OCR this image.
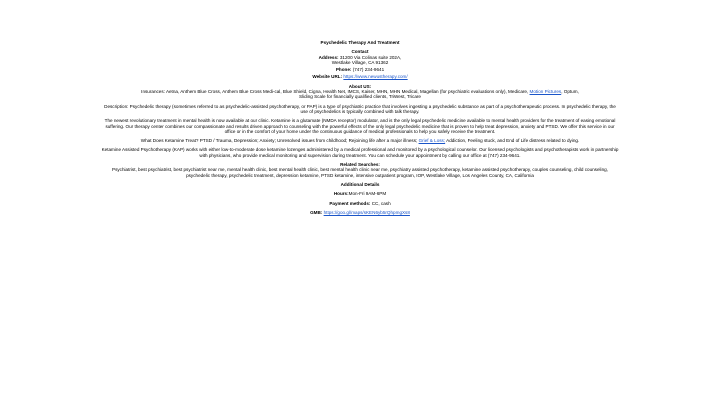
Psychedelic Therapy And Treatment

Contact

Address: 31200 Via Colinas suite 202A,

Westlake Village, CA 91362

Phone: (747) 234-9641

Website URL: https://www.newustherapy.com/

About US:

Insurances: Aetna, Anthem Blue Cross, Anthem Blue Cross Medi-cal, Blue Shield, Cigna, Health Net, IMCS, Kaiser, MHN, MHN Medical, Magellan (for psychiatric evaluations only), Medicare, Motion Pictures, Optum,

Sliding Scale for financially qualified clients, TriWest, Tricare

Description: Psychedelic therapy (sometimes referred to as psychedelic-assisted psychotherapy, or PAP) is a type of psychiatric practice that involves ingesting a psychedelic substance as part of a psychotherapeutic process. In psychedelic therapy, the use of psychedelics is typically combined with talk therapy.

The newest revolutionary treatment in mental health is now available at our clinic. Ketamine is a glutamate (NMDA receptor) modulator, and is the only legal psychedelic medicine available to mental health providers for the treatment of easing emotional suffering. Our therapy center combines our compassionate and results driven approach to counseling with the powerful effects of the only legal psychedelic medicine that is proven to help treat depression, anxiety and PTSD. We offer this service in our office or in the comfort of your home under the continuous guidance of medical professionals to help you safely receive the treatment.

What Does Ketamine Treat? PTSD / Trauma, Depression; Anxiety; Unresolved issues from childhood; Rejoining life after a major illness; Grief & Loss; Addiction, Feeling stuck, and End of Life distress related to dying.

Ketamine Assisted Psychotherapy (KAP) works with either low-to-moderate dose ketamine lozenges administered by a medical professional and monitored by a psychological counselor. Our licensed psychologists and psychotherapists work in partnership with physicians, who provide medical monitoring and supervision during treatment. You can schedule your appointment by calling our office at (747) 234-9641.

Related Searches:

Psychiatrist, best psychiatrist, best psychiatrist near me, mental health clinic, best mental health clinic, best mental health clinic near me, psychiatry assisted psychotherapy, ketamine assisted psychotherapy, couples counseling, child counseling, psychedelic therapy, psychedelic treatment, depression ketamine, PTSD ketamine, intensive outpatient program, IOP, Westlake Village, Los Angeles County, CA, California

Additional Details

Hours:Mon-Fri 9AM-6PM

Payment methods: CC, cash

GMB: https://goo.gl/maps/sKEN6yb5rQhpmgXs8
